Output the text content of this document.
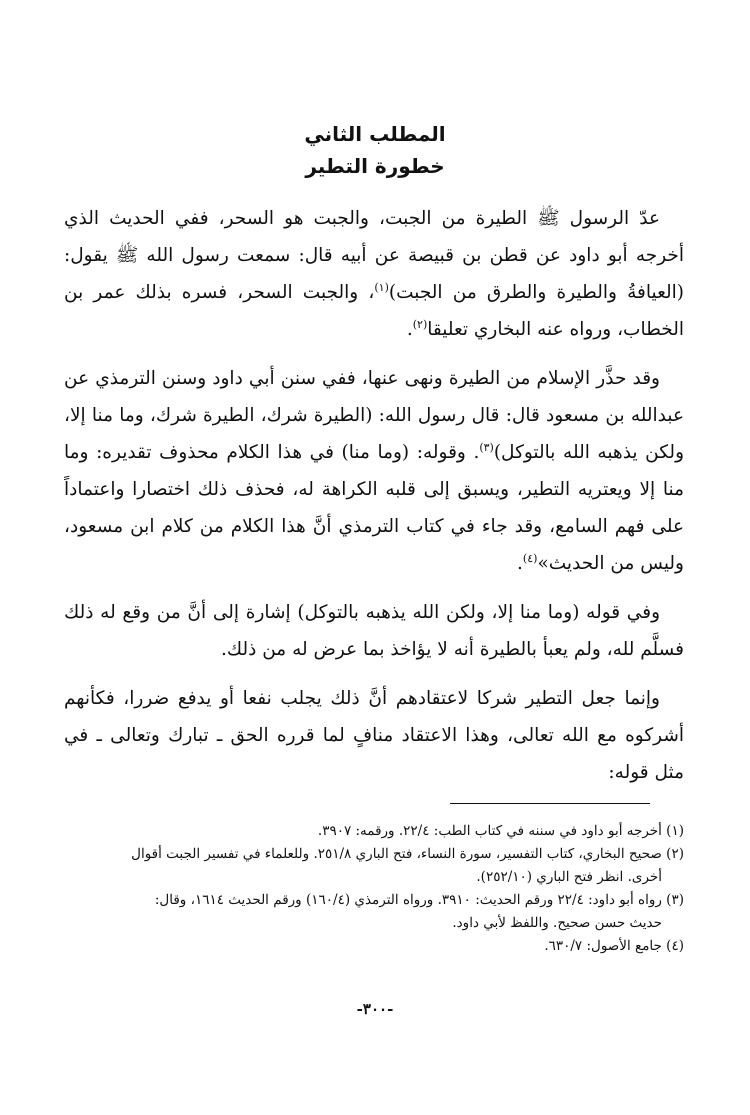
المطلب الثاني

خطورة التطير

عدّ الرسول ﷺ الطيرة من الجبت، والجبت هو السحر، ففي الحديث الذي أخرجه أبو داود عن قطن بن قبيصة عن أبيه قال: سمعت رسول الله ﷺ يقول: (العيافةُ والطيرة والطرق من الجبت)$^{(١)}$، والجبت السحر، فسره بذلك عمر بن الخطاب، ورواه عنه البخاري تعليقا$^{(٢)}$.

وقد حذَّر الإسلام من الطيرة ونهى عنها، ففي سنن أبي داود وسنن الترمذي عن عبدالله بن مسعود قال: قال رسول الله: (الطيرة شرك، الطيرة شرك، وما منا إلا، ولكن يذهبه الله بالتوكل)$^{(٣)}$. وقوله: (وما منا) في هذا الكلام محذوف تقديره: وما منا إلا ويعتريه التطير، ويسبق إلى قلبه الكراهة له، فحذف ذلك اختصارا واعتماداً على فهم السامع، وقد جاء في كتاب الترمذي أنَّ هذا الكلام من كلام ابن مسعود، وليس من الحديث»$^{(٤)}$.

وفي قوله (وما منا إلا، ولكن الله يذهبه بالتوكل) إشارة إلى أنَّ من وقع له ذلك فسلَّم لله، ولم يعبأ بالطيرة أنه لا يؤاخذ بما عرض له من ذلك.

وإنما جعل التطير شركا لاعتقادهم أنَّ ذلك يجلب نفعا أو يدفع ضررا، فكأنهم أشركوه مع الله تعالى، وهذا الاعتقاد منافٍ لما قرره الحق ـ تبارك وتعالى ـ في مثل قوله:

(١) أخرجه أبو داود في سننه في كتاب الطب: ٢٢/٤. ورقمه: ٣٩٠٧.

(٢) صحيح البخاري، كتاب التفسير، سورة النساء، فتح الباري ٢٥١/٨. وللعلماء في تفسير الجبت أقوال

أخرى. انظر فتح الباري (٢٥٢/١٠).

(٣) رواه أبو داود: ٢٢/٤ ورقم الحديث: ٣٩١٠. ورواه الترمذي (١٦٠/٤) ورقم الحديث ١٦١٤، وقال:

حديث حسن صحيح. واللفظ لأبي داود.

(٤) جامع الأصول: ٦٣٠/٧.

-٣٠٠-
